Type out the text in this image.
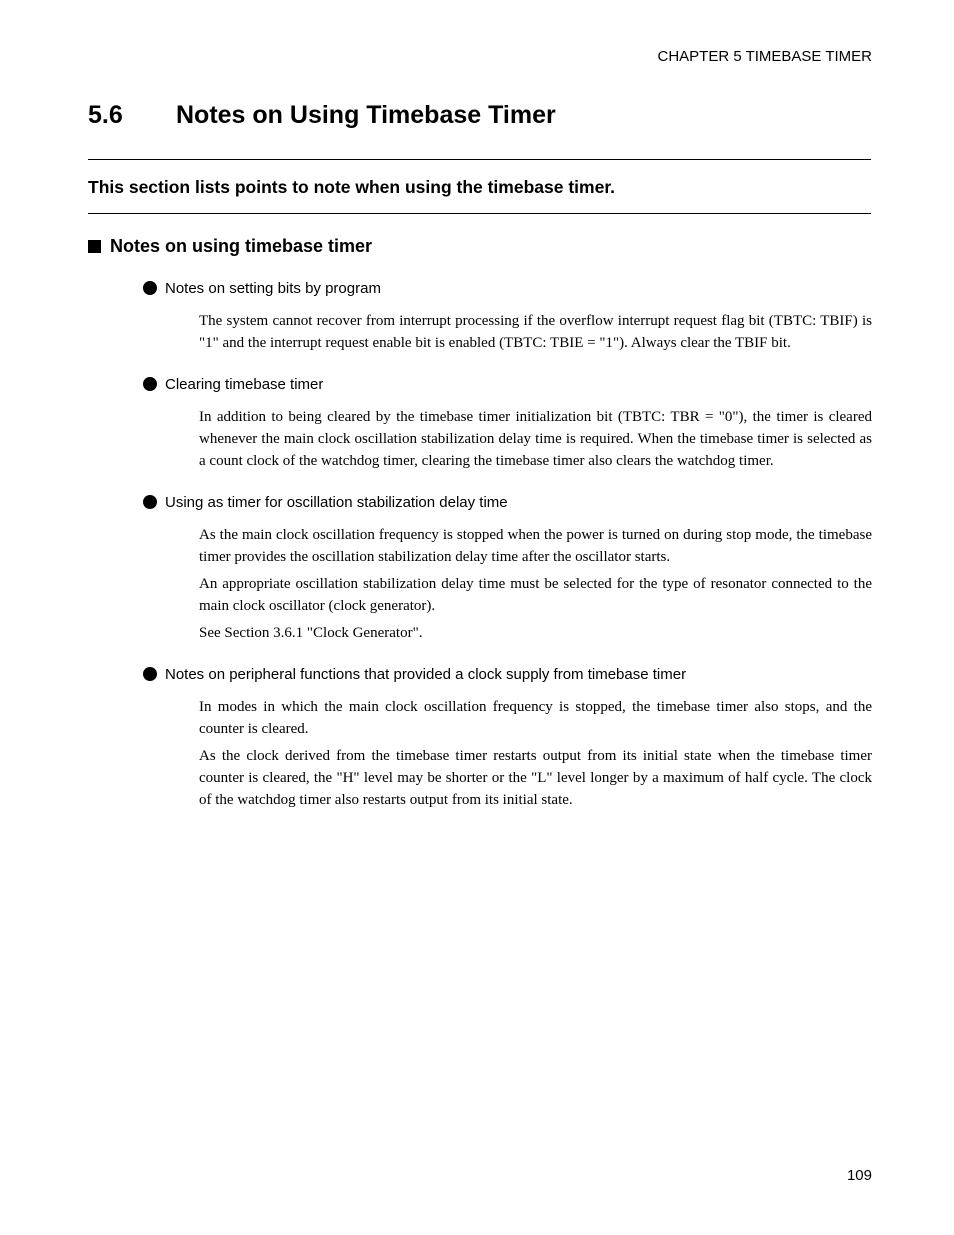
CHAPTER 5 TIMEBASE TIMER
5.6	Notes on Using Timebase Timer
This section lists points to note when using the timebase timer.
Notes on using timebase timer
Notes on setting bits by program

The system cannot recover from interrupt processing if the overflow interrupt request flag bit (TBTC: TBIF) is "1" and the interrupt request enable bit is enabled (TBTC: TBIE = "1"). Always clear the TBIF bit.

Clearing timebase timer

In addition to being cleared by the timebase timer initialization bit (TBTC: TBR = "0"), the timer is cleared whenever the main clock oscillation stabilization delay time is required. When the timebase timer is selected as a count clock of the watchdog timer, clearing the timebase timer also clears the watchdog timer.

Using as timer for oscillation stabilization delay time

As the main clock oscillation frequency is stopped when the power is turned on during stop mode, the timebase timer provides the oscillation stabilization delay time after the oscillator starts.

An appropriate oscillation stabilization delay time must be selected for the type of resonator connected to the main clock oscillator (clock generator).

See Section 3.6.1 "Clock Generator".

Notes on peripheral functions that provided a clock supply from timebase timer

In modes in which the main clock oscillation frequency is stopped, the timebase timer also stops, and the counter is cleared.

As the clock derived from the timebase timer restarts output from its initial state when the timebase timer counter is cleared, the "H" level may be shorter or the "L" level longer by a maximum of half cycle. The clock of the watchdog timer also restarts output from its initial state.

109
